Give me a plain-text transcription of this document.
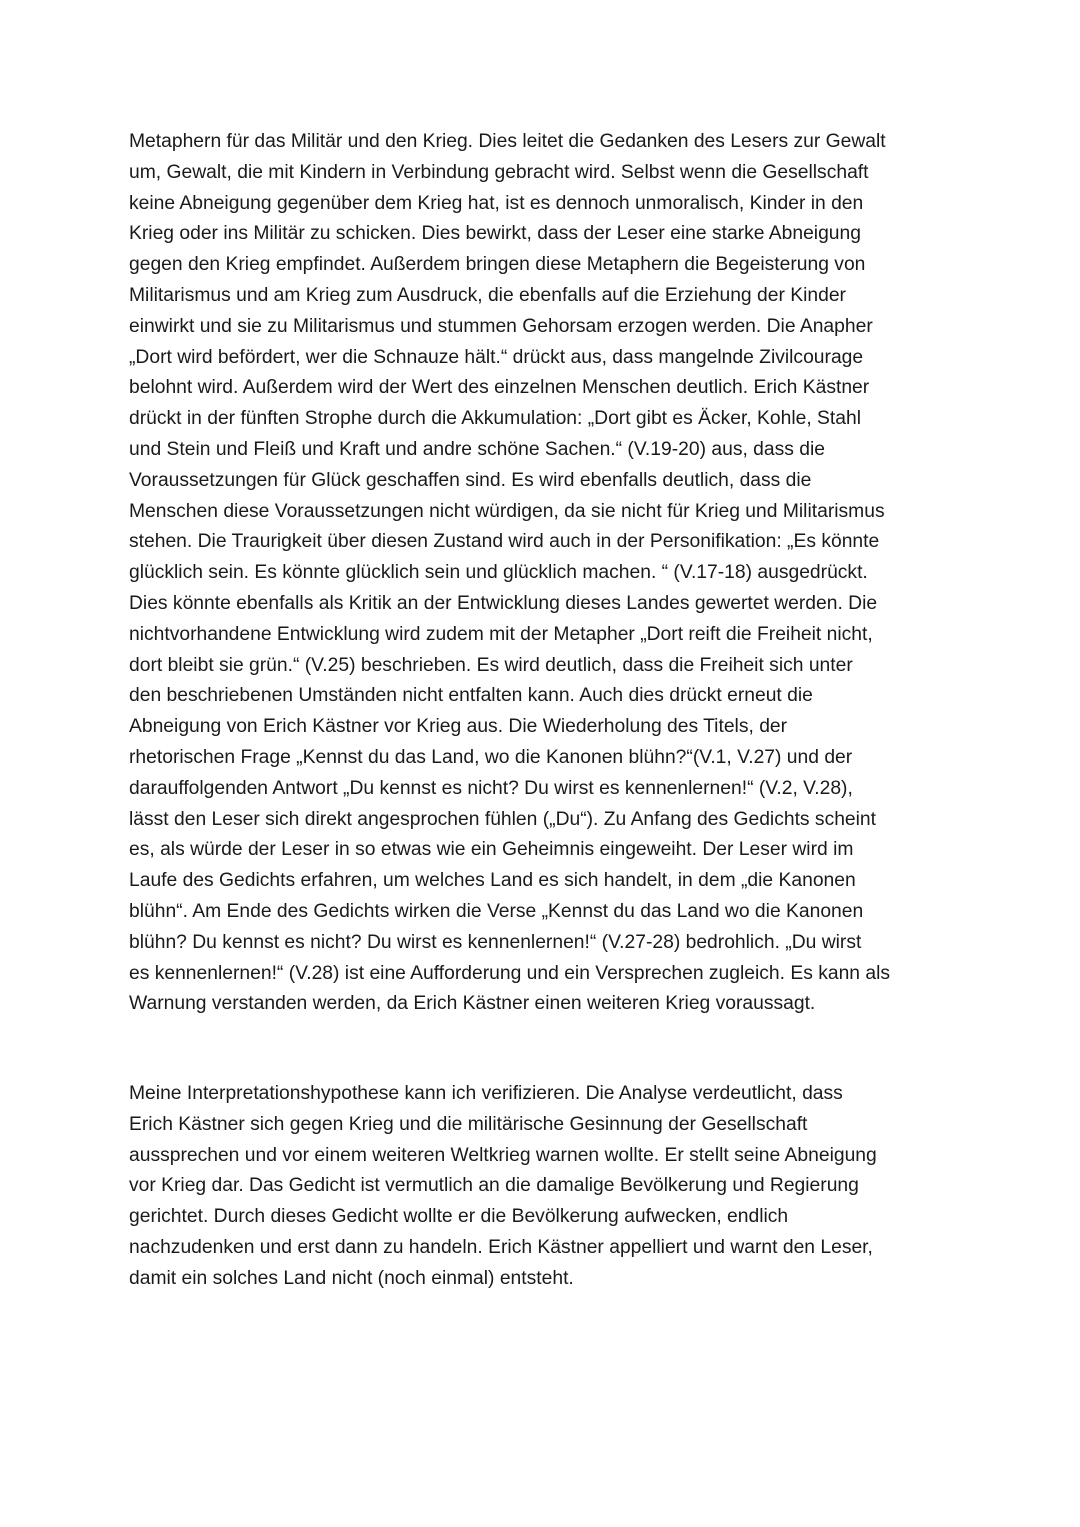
Metaphern für das Militär und den Krieg. Dies leitet die Gedanken des Lesers zur Gewalt
um, Gewalt, die mit Kindern in Verbindung gebracht wird. Selbst wenn die Gesellschaft
keine Abneigung gegenüber dem Krieg hat, ist es dennoch unmoralisch, Kinder in den
Krieg oder ins Militär zu schicken. Dies bewirkt, dass der Leser eine starke Abneigung
gegen den Krieg empfindet. Außerdem bringen diese Metaphern die Begeisterung von
Militarismus und am Krieg zum Ausdruck, die ebenfalls auf die Erziehung der Kinder
einwirkt und sie zu Militarismus und stummen Gehorsam erzogen werden. Die Anapher
„Dort wird befördert, wer die Schnauze hält.“ drückt aus, dass mangelnde Zivilcourage
belohnt wird. Außerdem wird der Wert des einzelnen Menschen deutlich. Erich Kästner
drückt in der fünften Strophe durch die Akkumulation: „Dort gibt es Äcker, Kohle, Stahl
und Stein und Fleiß und Kraft und andre schöne Sachen.“ (V.19-20) aus, dass die
Voraussetzungen für Glück geschaffen sind. Es wird ebenfalls deutlich, dass die
Menschen diese Voraussetzungen nicht würdigen, da sie nicht für Krieg und Militarismus
stehen. Die Traurigkeit über diesen Zustand wird auch in der Personifikation: „Es könnte
glücklich sein. Es könnte glücklich sein und glücklich machen. “ (V.17-18) ausgedrückt.
Dies könnte ebenfalls als Kritik an der Entwicklung dieses Landes gewertet werden. Die
nichtvorhandene Entwicklung wird zudem mit der Metapher „Dort reift die Freiheit nicht,
dort bleibt sie grün.“ (V.25) beschrieben. Es wird deutlich, dass die Freiheit sich unter
den beschriebenen Umständen nicht entfalten kann. Auch dies drückt erneut die
Abneigung von Erich Kästner vor Krieg aus. Die Wiederholung des Titels, der
rhetorischen Frage „Kennst du das Land, wo die Kanonen blühn?“(V.1, V.27) und der
darauffolgenden Antwort „Du kennst es nicht? Du wirst es kennenlernen!“ (V.2, V.28),
lässt den Leser sich direkt angesprochen fühlen („Du“). Zu Anfang des Gedichts scheint
es, als würde der Leser in so etwas wie ein Geheimnis eingeweiht. Der Leser wird im
Laufe des Gedichts erfahren, um welches Land es sich handelt, in dem „die Kanonen
blühn“. Am Ende des Gedichts wirken die Verse „Kennst du das Land wo die Kanonen
blühn? Du kennst es nicht? Du wirst es kennenlernen!“ (V.27-28) bedrohlich. „Du wirst
es kennenlernen!“ (V.28) ist eine Aufforderung und ein Versprechen zugleich. Es kann als
Warnung verstanden werden, da Erich Kästner einen weiteren Krieg voraussagt.
Meine Interpretationshypothese kann ich verifizieren. Die Analyse verdeutlicht, dass
Erich Kästner sich gegen Krieg und die militärische Gesinnung der Gesellschaft
aussprechen und vor einem weiteren Weltkrieg warnen wollte. Er stellt seine Abneigung
vor Krieg dar. Das Gedicht ist vermutlich an die damalige Bevölkerung und Regierung
gerichtet. Durch dieses Gedicht wollte er die Bevölkerung aufwecken, endlich
nachzudenken und erst dann zu handeln. Erich Kästner appelliert und warnt den Leser,
damit ein solches Land nicht (noch einmal) entsteht.
